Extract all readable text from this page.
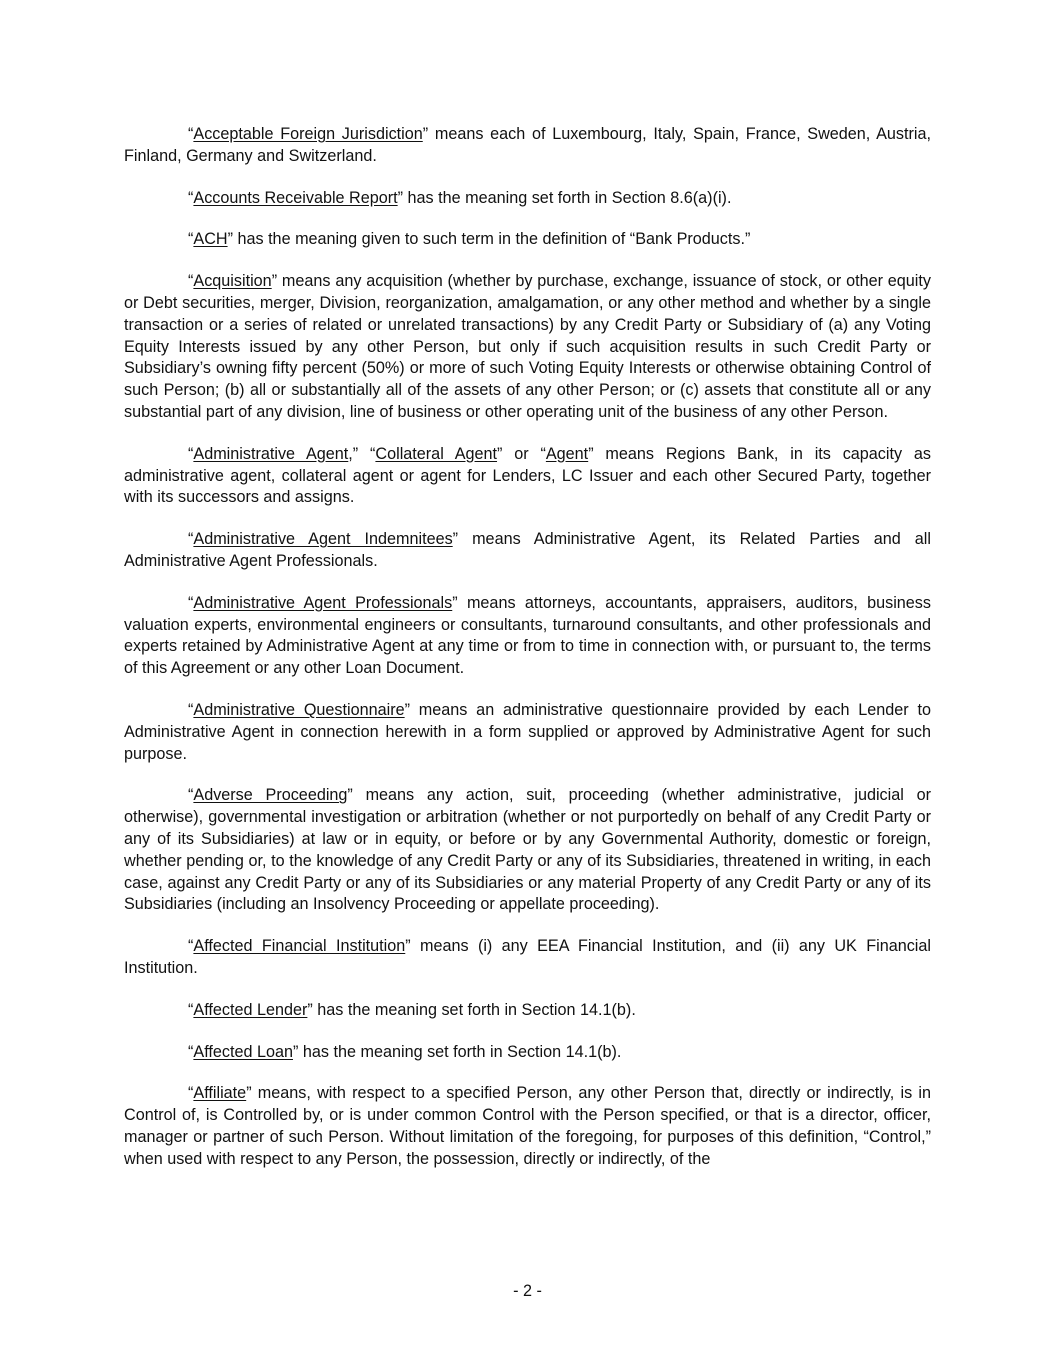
“Acceptable Foreign Jurisdiction” means each of Luxembourg, Italy, Spain, France, Sweden, Austria, Finland, Germany and Switzerland.

“Accounts Receivable Report” has the meaning set forth in Section 8.6(a)(i).

“ACH” has the meaning given to such term in the definition of “Bank Products.”

“Acquisition” means any acquisition (whether by purchase, exchange, issuance of stock, or other equity or Debt securities, merger, Division, reorganization, amalgamation, or any other method and whether by a single transaction or a series of related or unrelated transactions) by any Credit Party or Subsidiary of (a) any Voting Equity Interests issued by any other Person, but only if such acquisition results in such Credit Party or Subsidiary’s owning fifty percent (50%) or more of such Voting Equity Interests or otherwise obtaining Control of such Person; (b) all or substantially all of the assets of any other Person; or (c) assets that constitute all or any substantial part of any division, line of business or other operating unit of the business of any other Person.

“Administrative Agent,” “Collateral Agent” or “Agent” means Regions Bank, in its capacity as administrative agent, collateral agent or agent for Lenders, LC Issuer and each other Secured Party, together with its successors and assigns.

“Administrative Agent Indemnitees” means Administrative Agent, its Related Parties and all Administrative Agent Professionals.

“Administrative Agent Professionals” means attorneys, accountants, appraisers, auditors, business valuation experts, environmental engineers or consultants, turnaround consultants, and other professionals and experts retained by Administrative Agent at any time or from to time in connection with, or pursuant to, the terms of this Agreement or any other Loan Document.

“Administrative Questionnaire” means an administrative questionnaire provided by each Lender to Administrative Agent in connection herewith in a form supplied or approved by Administrative Agent for such purpose.

“Adverse Proceeding” means any action, suit, proceeding (whether administrative, judicial or otherwise), governmental investigation or arbitration (whether or not purportedly on behalf of any Credit Party or any of its Subsidiaries) at law or in equity, or before or by any Governmental Authority, domestic or foreign, whether pending or, to the knowledge of any Credit Party or any of its Subsidiaries, threatened in writing, in each case, against any Credit Party or any of its Subsidiaries or any material Property of any Credit Party or any of its Subsidiaries (including an Insolvency Proceeding or appellate proceeding).

“Affected Financial Institution” means (i) any EEA Financial Institution, and (ii) any UK Financial Institution.

“Affected Lender” has the meaning set forth in Section 14.1(b).

“Affected Loan” has the meaning set forth in Section 14.1(b).

“Affiliate” means, with respect to a specified Person, any other Person that, directly or indirectly, is in Control of, is Controlled by, or is under common Control with the Person specified, or that is a director, officer, manager or partner of such Person. Without limitation of the foregoing, for purposes of this definition, “Control,” when used with respect to any Person, the possession, directly or indirectly, of the

- 2 -
